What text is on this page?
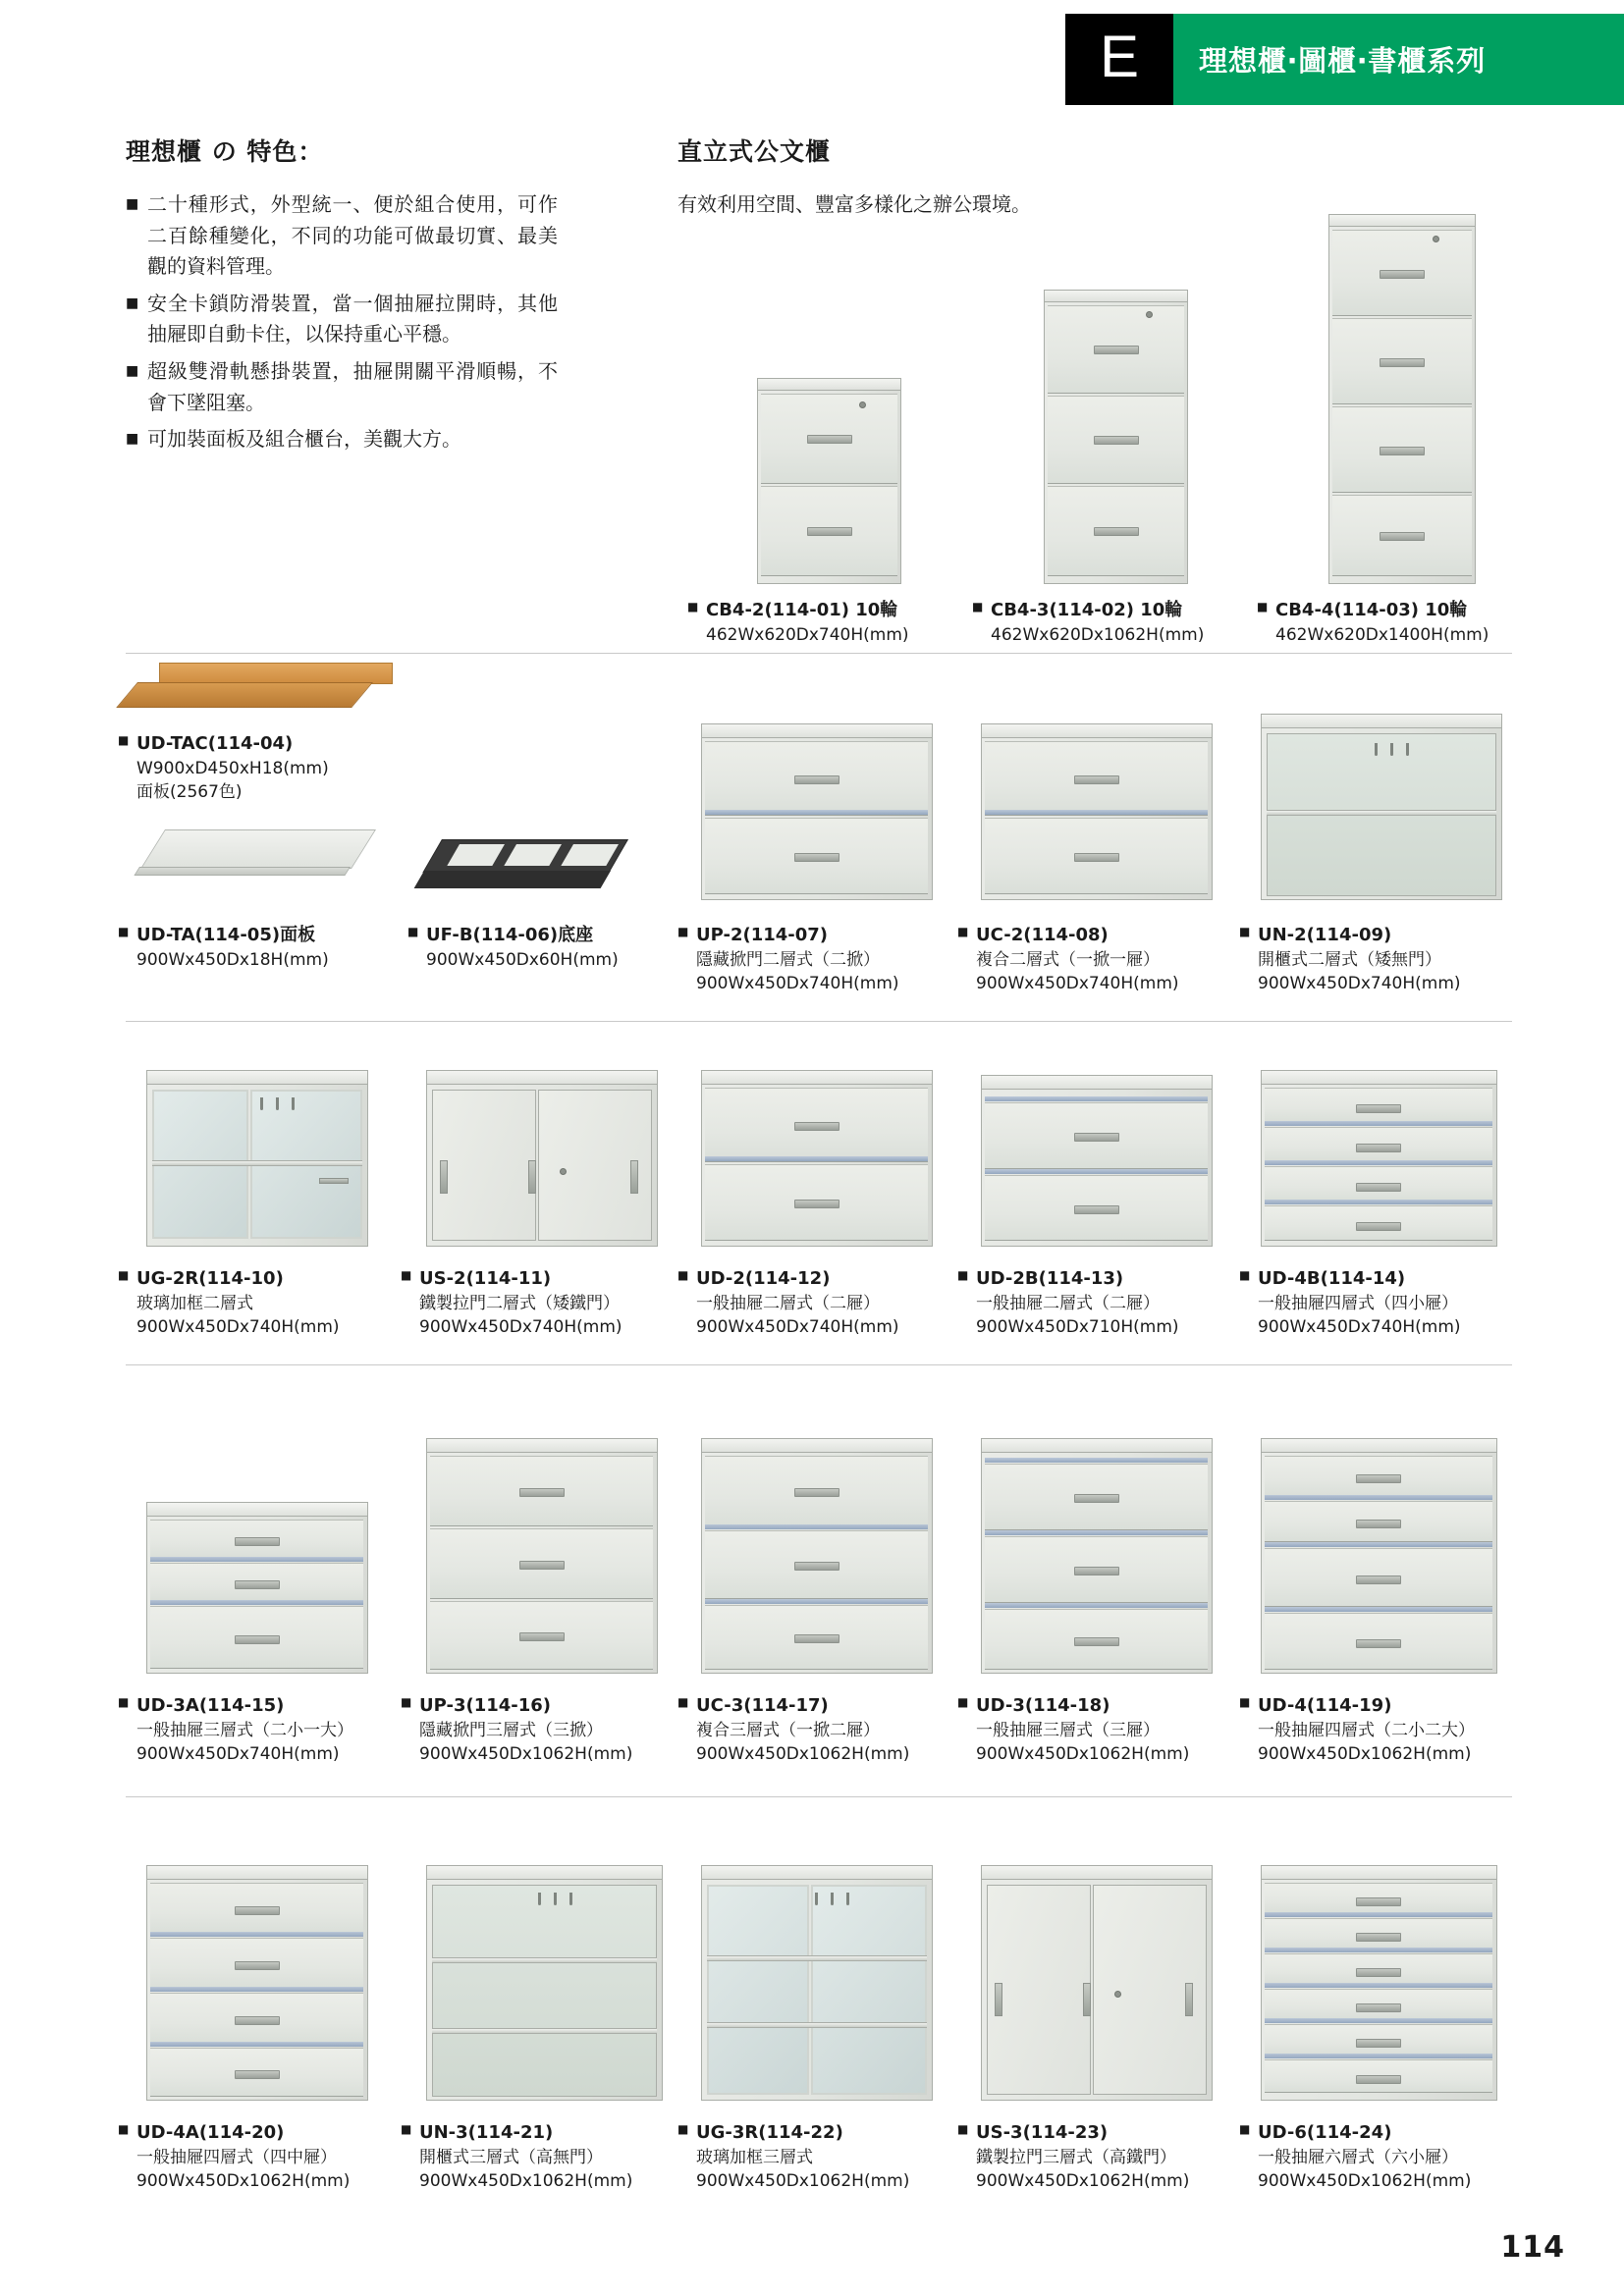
E 理想櫃‧圖櫃‧書櫃系列
理想櫃 の 特色：
■ 二十種形式，外型統一、便於組合使用，可作二百餘種變化，不同的功能可做最切實、最美觀的資料管理。
■ 安全卡鎖防滑裝置，當一個抽屜拉開時，其他抽屜即自動卡住，以保持重心平穩。
■ 超級雙滑軌懸掛裝置，抽屜開關平滑順暢，不會下墜阻塞。
■ 可加裝面板及組合櫃台，美觀大方。
直立式公文櫃

有效利用空間、豐富多樣化之辦公環境。

■ CB4-2(114-01) 10輪
462Wx620Dx740H(mm)
■ CB4-3(114-02) 10輪
462Wx620Dx1062H(mm)
■ CB4-4(114-03) 10輪
462Wx620Dx1400H(mm)
■ UD-TAC(114-04)
W900xD450xH18(mm)
面板(2567色)
■ UD-TA(114-05)面板
900Wx450Dx18H(mm)
■ UF-B(114-06)底座
900Wx450Dx60H(mm)
■ UP-2(114-07)
隱藏掀門二層式（二掀）
900Wx450Dx740H(mm)
■ UC-2(114-08)
複合二層式（一掀一屜）
900Wx450Dx740H(mm)
■ UN-2(114-09)
開櫃式二層式（矮無門）
900Wx450Dx740H(mm)
■ UG-2R(114-10)
玻璃加框二層式
900Wx450Dx740H(mm)
■ US-2(114-11)
鐵製拉門二層式（矮鐵門）
900Wx450Dx740H(mm)
■ UD-2(114-12)
一般抽屜二層式（二屜）
900Wx450Dx740H(mm)
■ UD-2B(114-13)
一般抽屜二層式（二屜）
900Wx450Dx710H(mm)
■ UD-4B(114-14)
一般抽屜四層式（四小屜）
900Wx450Dx740H(mm)
■ UD-3A(114-15)
一般抽屜三層式（二小一大）
900Wx450Dx740H(mm)
■ UP-3(114-16)
隱藏掀門三層式（三掀）
900Wx450Dx1062H(mm)
■ UC-3(114-17)
複合三層式（一掀二屜）
900Wx450Dx1062H(mm)
■ UD-3(114-18)
一般抽屜三層式（三屜）
900Wx450Dx1062H(mm)
■ UD-4(114-19)
一般抽屜四層式（二小二大）
900Wx450Dx1062H(mm)
■ UD-4A(114-20)
一般抽屜四層式（四中屜）
900Wx450Dx1062H(mm)
■ UN-3(114-21)
開櫃式三層式（高無門）
900Wx450Dx1062H(mm)
■ UG-3R(114-22)
玻璃加框三層式
900Wx450Dx1062H(mm)
■ US-3(114-23)
鐵製拉門三層式（高鐵門）
900Wx450Dx1062H(mm)
■ UD-6(114-24)
一般抽屜六層式（六小屜）
900Wx450Dx1062H(mm)
114
